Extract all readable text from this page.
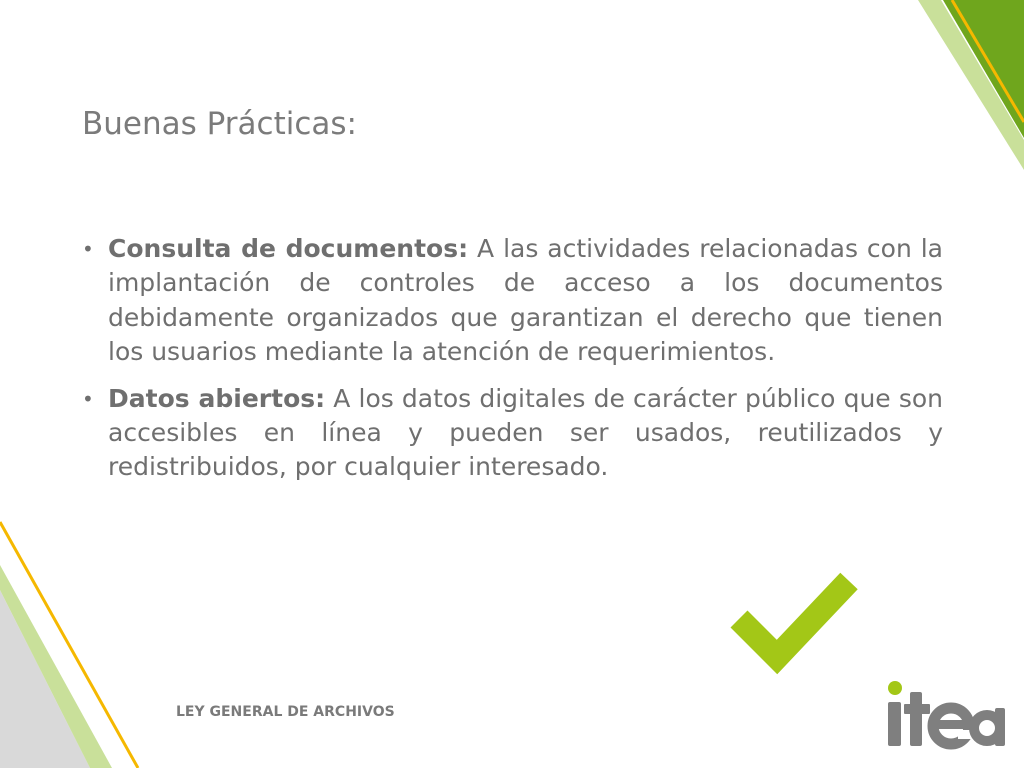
Buenas Prácticas:
• Consulta de documentos: A las actividades relacionadas con la implantación de controles de acceso a los documentos debidamente organizados que garantizan el derecho que tienen los usuarios mediante la atención de requerimientos.
• Datos abiertos: A los datos digitales de carácter público que son accesibles en línea y pueden ser usados, reutilizados y redistribuidos, por cualquier interesado.
LEY GENERAL DE ARCHIVOS
